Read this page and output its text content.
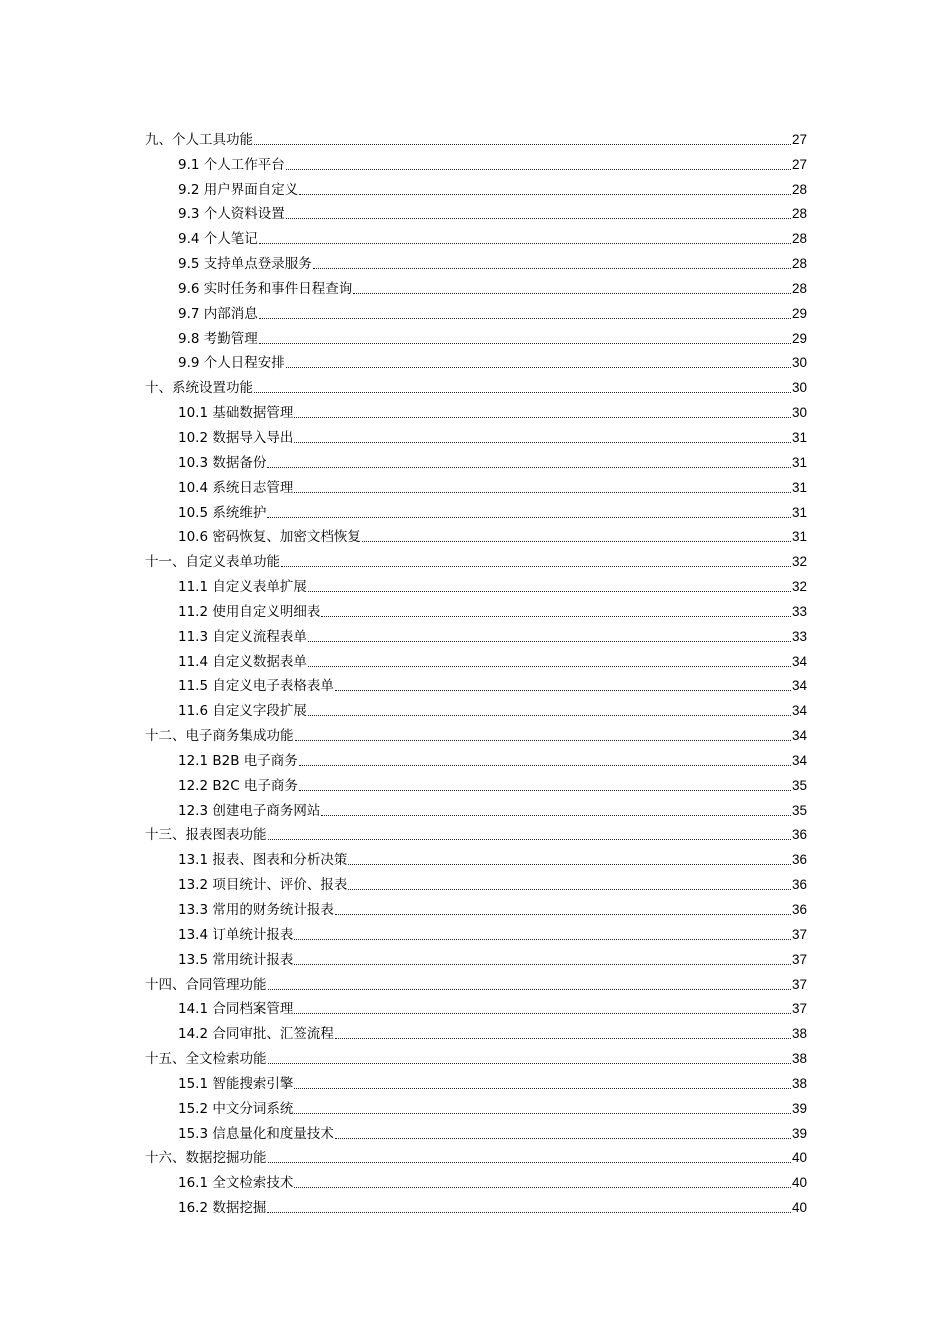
九、个人工具功能	27
9.1 个人工作平台	27
9.2 用户界面自定义	28
9.3 个人资料设置	28
9.4 个人笔记	28
9.5 支持单点登录服务	28
9.6 实时任务和事件日程查询	28
9.7 内部消息	29
9.8 考勤管理	29
9.9 个人日程安排	30
十、系统设置功能	30
10.1 基础数据管理	30
10.2 数据导入导出	31
10.3 数据备份	31
10.4 系统日志管理	31
10.5 系统维护	31
10.6 密码恢复、加密文档恢复	31
十一、自定义表单功能	32
11.1 自定义表单扩展	32
11.2 使用自定义明细表	33
11.3 自定义流程表单	33
11.4 自定义数据表单	34
11.5 自定义电子表格表单	34
11.6 自定义字段扩展	34
十二、电子商务集成功能	34
12.1 B2B 电子商务	34
12.2 B2C 电子商务	35
12.3 创建电子商务网站	35
十三、报表图表功能	36
13.1 报表、图表和分析决策	36
13.2 项目统计、评价、报表	36
13.3 常用的财务统计报表	36
13.4 订单统计报表	37
13.5 常用统计报表	37
十四、合同管理功能	37
14.1 合同档案管理	37
14.2 合同审批、汇签流程	38
十五、全文检索功能	38
15.1 智能搜索引擎	38
15.2 中文分词系统	39
15.3 信息量化和度量技术	39
十六、数据挖掘功能	40
16.1 全文检索技术	40
16.2 数据挖掘	40
